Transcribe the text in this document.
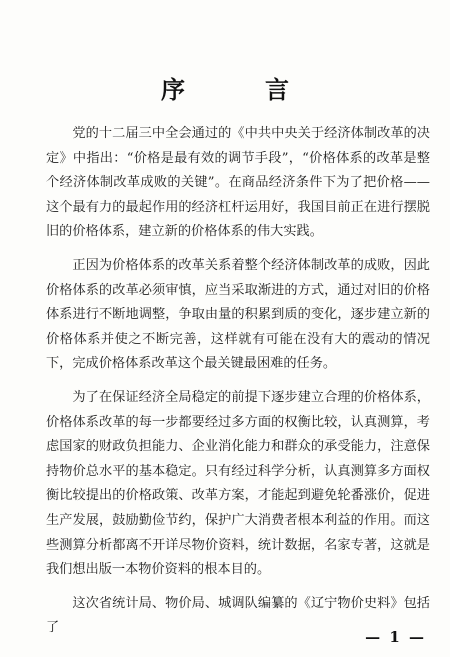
序　言

党的十二届三中全会通过的《中共中央关于经济体制改革的决定》中指出：“价格是最有效的调节手段”，“价格体系的改革是整个经济体制改革成败的关键”。在商品经济条件下为了把价格——这个最有力的最起作用的经济杠杆运用好，我国目前正在进行摆脱旧的价格体系，建立新的价格体系的伟大实践。

正因为价格体系的改革关系着整个经济体制改革的成败，因此价格体系的改革必须审慎，应当采取渐进的方式，通过对旧的价格体系进行不断地调整，争取由量的积累到质的变化，逐步建立新的价格体系并使之不断完善，这样就有可能在没有大的震动的情况下，完成价格体系改革这个最关键最困难的任务。

为了在保证经济全局稳定的前提下逐步建立合理的价格体系，价格体系改革的每一步都要经过多方面的权衡比较，认真测算，考虑国家的财政负担能力、企业消化能力和群众的承受能力，注意保持物价总水平的基本稳定。只有经过科学分析，认真测算多方面权衡比较提出的价格政策、改革方案，才能起到避免轮番涨价，促进生产发展，鼓励勤俭节约，保护广大消费者根本利益的作用。而这些测算分析都离不开详尽物价资料，统计数据，名家专著，这就是我们想出版一本物价资料的根本目的。

这次省统计局、物价局、城调队编纂的《辽宁物价史料》包括了

— 1 —
